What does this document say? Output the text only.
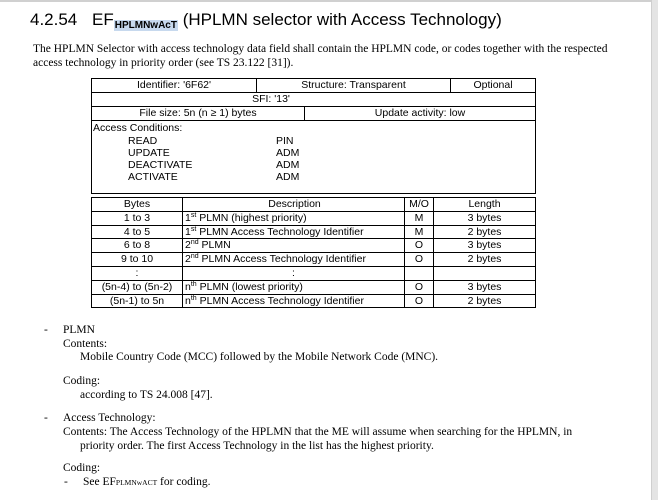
4.2.54 EFHPLMNwAcT (HPLMN selector with Access Technology)
The HPLMN Selector with access technology data field shall contain the HPLMN code, or codes together with the respected access technology in priority order (see TS 23.122 [31]).
Identifier: '6F62'	Structure: Transparent	Optional
SFI: '13'
File size: 5n (n ≥ 1) bytes	Update activity: low
Access Conditions:
READ	PIN
UPDATE	ADM
DEACTIVATE	ADM
ACTIVATE	ADM
Bytes	Description	M/O	Length
1 to 3	1st PLMN (highest priority)	M	3 bytes
4 to 5	1st PLMN Access Technology Identifier	M	2 bytes
6 to 8	2nd PLMN	O	3 bytes
9 to 10	2nd PLMN Access Technology Identifier	O	2 bytes
:	:
(5n-4) to (5n-2)	$n^{th}$ PLMN (lowest priority)	O	3 bytes
(5n-1) to 5n	$n^{th}$ PLMN Access Technology Identifier	O	2 bytes
- PLMN
Contents:
Mobile Country Code (MCC) followed by the Mobile Network Code (MNC).
Coding:
according to TS 24.008 [47].
- Access Technology:
Contents: The Access Technology of the HPLMN that the ME will assume when searching for the HPLMN, in priority order. The first Access Technology in the list has the highest priority.
Coding:
- See EFPLMNwACT for coding.
